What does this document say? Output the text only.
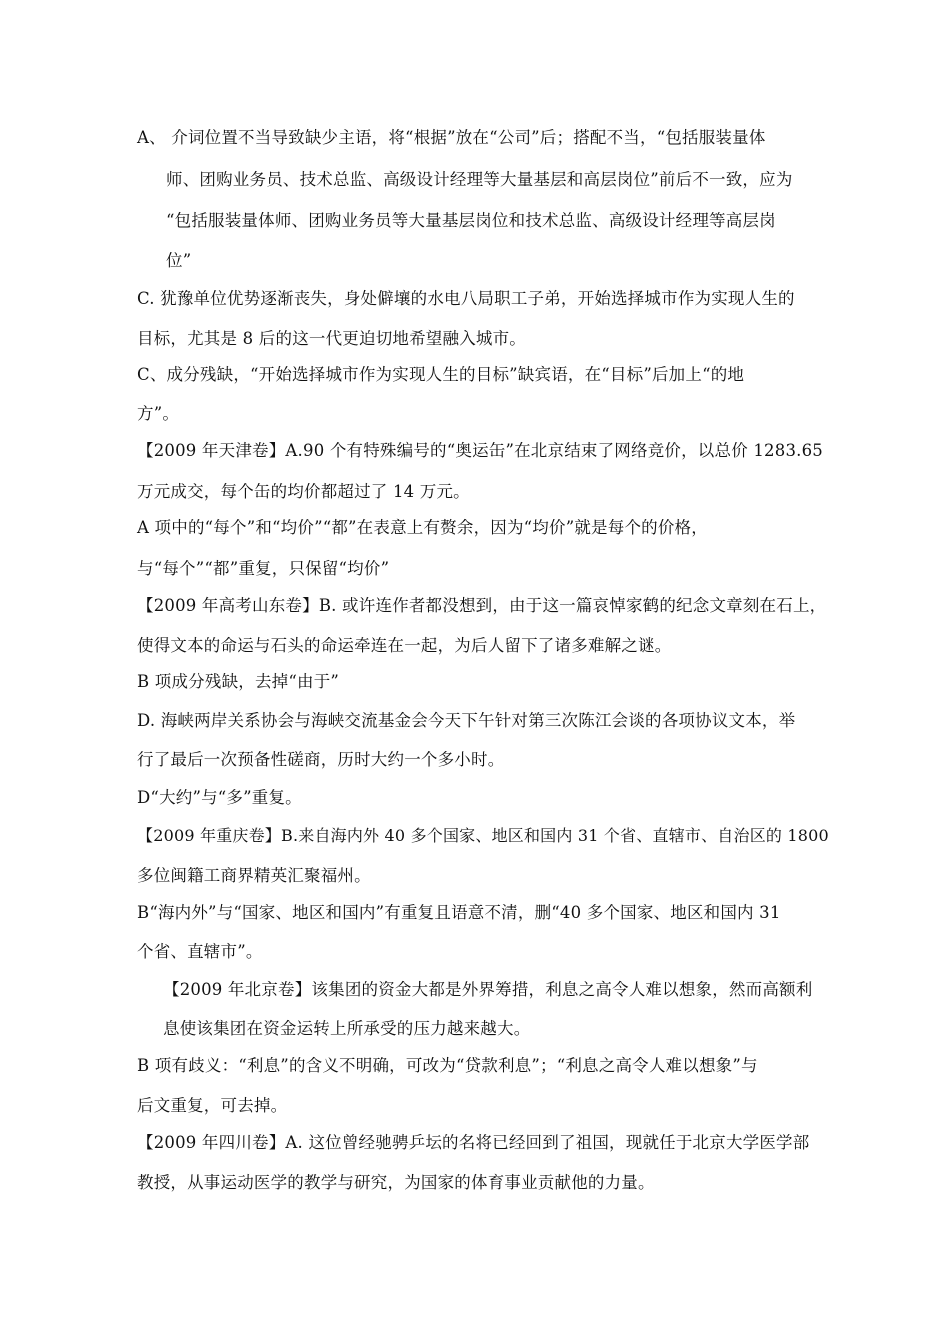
A、 介词位置不当导致缺少主语，将“根据”放在“公司”后；搭配不当，“包括服装量体
师、团购业务员、技术总监、高级设计经理等大量基层和高层岗位”前后不一致，应为
“包括服装量体师、团购业务员等大量基层岗位和技术总监、高级设计经理等高层岗
位”
C. 犹豫单位优势逐渐丧失，身处僻壤的水电八局职工子弟，开始选择城市作为实现人生的
目标，尤其是 8 后的这一代更迫切地希望融入城市。
C、成分残缺，“开始选择城市作为实现人生的目标”缺宾语，在“目标”后加上“的地
方”。
【2009 年天津卷】A.90 个有特殊编号的“奥运缶”在北京结束了网络竞价，以总价 1283.65
万元成交，每个缶的均价都超过了 14 万元。
A 项中的“每个”和“均价”“都”在表意上有赘余，因为“均价”就是每个的价格，
与“每个”“都”重复，只保留“均价”
【2009 年高考山东卷】B. 或许连作者都没想到，由于这一篇哀悼家鹤的纪念文章刻在石上，
使得文本的命运与石头的命运牵连在一起，为后人留下了诸多难解之谜。
B 项成分残缺，去掉“由于”
D. 海峡两岸关系协会与海峡交流基金会今天下午针对第三次陈江会谈的各项协议文本，举
行了最后一次预备性磋商，历时大约一个多小时。
D“大约”与“多”重复。
【2009 年重庆卷】B.来自海内外 40 多个国家、地区和国内 31 个省、直辖市、自治区的 1800
多位闽籍工商界精英汇聚福州。
B“海内外”与“国家、地区和国内”有重复且语意不清，删“40 多个国家、地区和国内 31
个省、直辖市”。
【2009 年北京卷】该集团的资金大都是外界筹措，利息之高令人难以想象，然而高额利
息使该集团在资金运转上所承受的压力越来越大。
B 项有歧义：“利息”的含义不明确，可改为“贷款利息”；“利息之高令人难以想象”与
后文重复，可去掉。
【2009 年四川卷】A. 这位曾经驰骋乒坛的名将已经回到了祖国，现就任于北京大学医学部
教授，从事运动医学的教学与研究，为国家的体育事业贡献他的力量。
